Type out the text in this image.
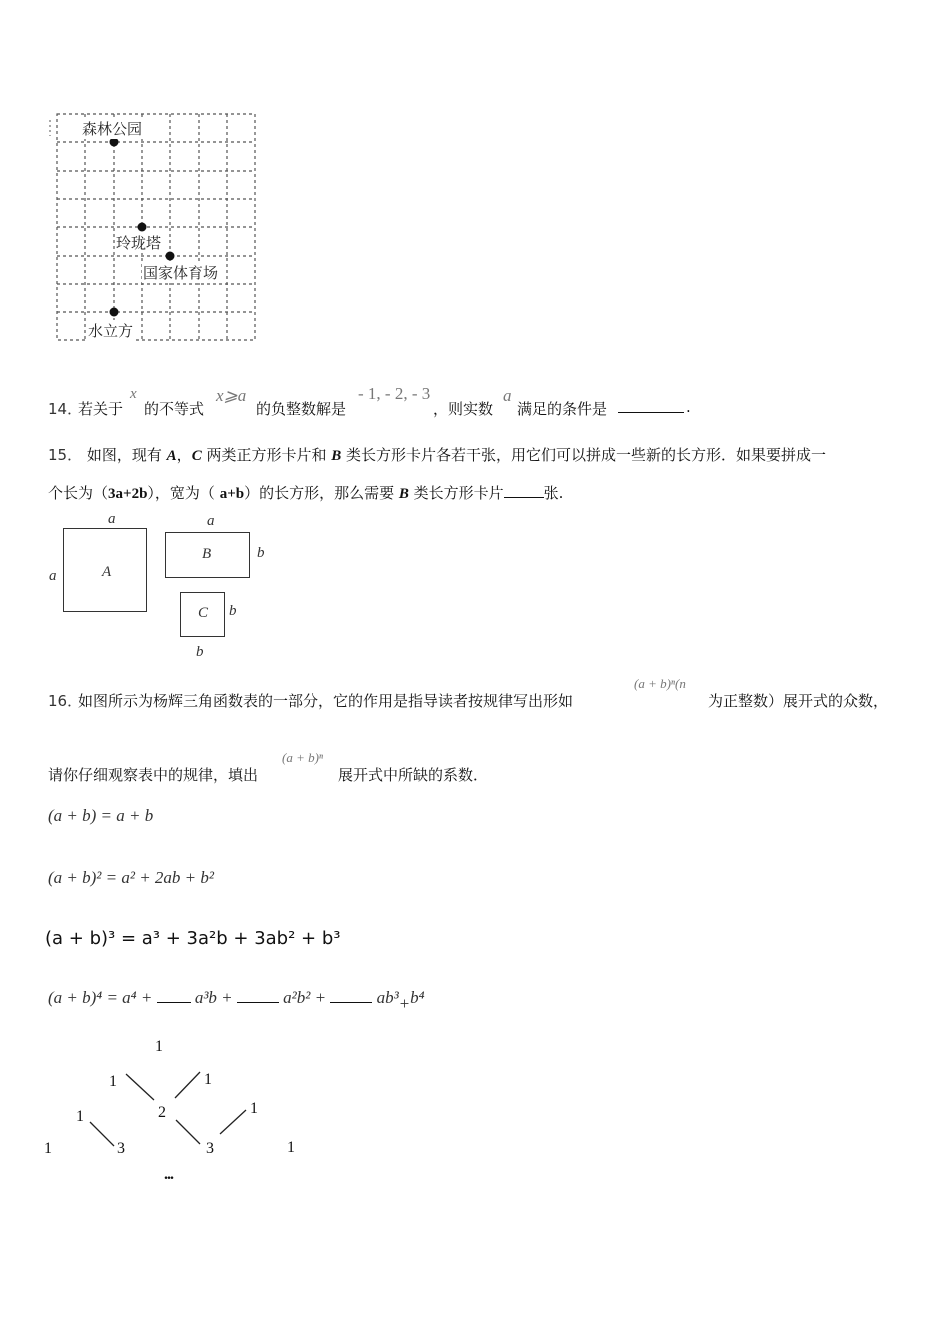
森林公园
玲珑塔
国家体育场
水立方
14．
若关于
x
的不等式
x⩾a
的负整数解是
- 1, - 2, - 3
，则实数
a
满足的条件是	.
15． 如图，现有 A，C 两类正方形卡片和 B 类长方形卡片各若干张，用它们可以拼成一些新的长方形．如果要拼成一
个长为（3a+2b），宽为（ a+b）的长方形，那么需要 B 类长方形卡片	张.
A
a
a
B
a
b
C b
b
16．
如图所示为杨辉三角函数表的一部分，它的作用是指导读者按规律写出形如
(a + b)ⁿ(n
为正整数）展开式的众数，
请你仔细观察表中的规律，填出
(a + b)ⁿ
展开式中所缺的系数．
(a + b) = a + b
(a + b)² = a² + 2ab + b²
(a + b)³ = a³ + 3a²b + 3ab² + b³
(a + b)⁴ = a⁴ +	a³b +	a²b² +	ab³+b⁴
1
1	1
1	2	1
1	3	3	1
...
